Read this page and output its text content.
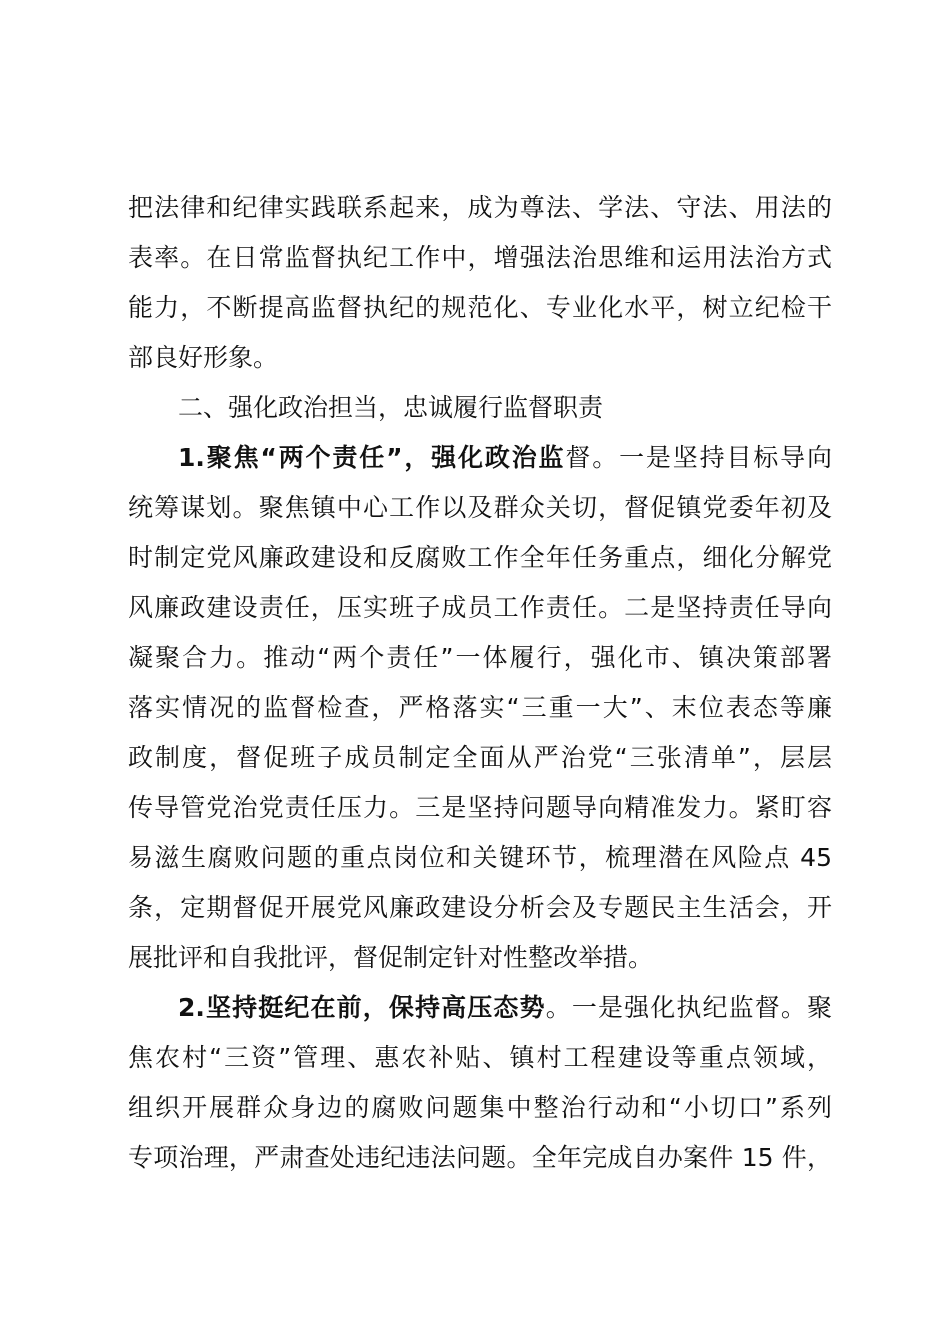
把法律和纪律实践联系起来，成为尊法、学法、守法、用法的
表率。在日常监督执纪工作中，增强法治思维和运用法治方式
能力，不断提高监督执纪的规范化、专业化水平，树立纪检干
部良好形象。
二、强化政治担当，忠诚履行监督职责
1.聚焦“两个责任”，强化政治监督。一是坚持目标导向
统筹谋划。聚焦镇中心工作以及群众关切，督促镇党委年初及
时制定党风廉政建设和反腐败工作全年任务重点，细化分解党
风廉政建设责任，压实班子成员工作责任。二是坚持责任导向
凝聚合力。推动“两个责任”一体履行，强化市、镇决策部署
落实情况的监督检查，严格落实“三重一大”、末位表态等廉
政制度，督促班子成员制定全面从严治党“三张清单”，层层
传导管党治党责任压力。三是坚持问题导向精准发力。紧盯容
易滋生腐败问题的重点岗位和关键环节，梳理潜在风险点 45
条，定期督促开展党风廉政建设分析会及专题民主生活会，开
展批评和自我批评，督促制定针对性整改举措。
2.坚持挺纪在前，保持高压态势。一是强化执纪监督。聚
焦农村“三资”管理、惠农补贴、镇村工程建设等重点领域，
组织开展群众身边的腐败问题集中整治行动和“小切口”系列
专项治理，严肃查处违纪违法问题。全年完成自办案件 15 件，
